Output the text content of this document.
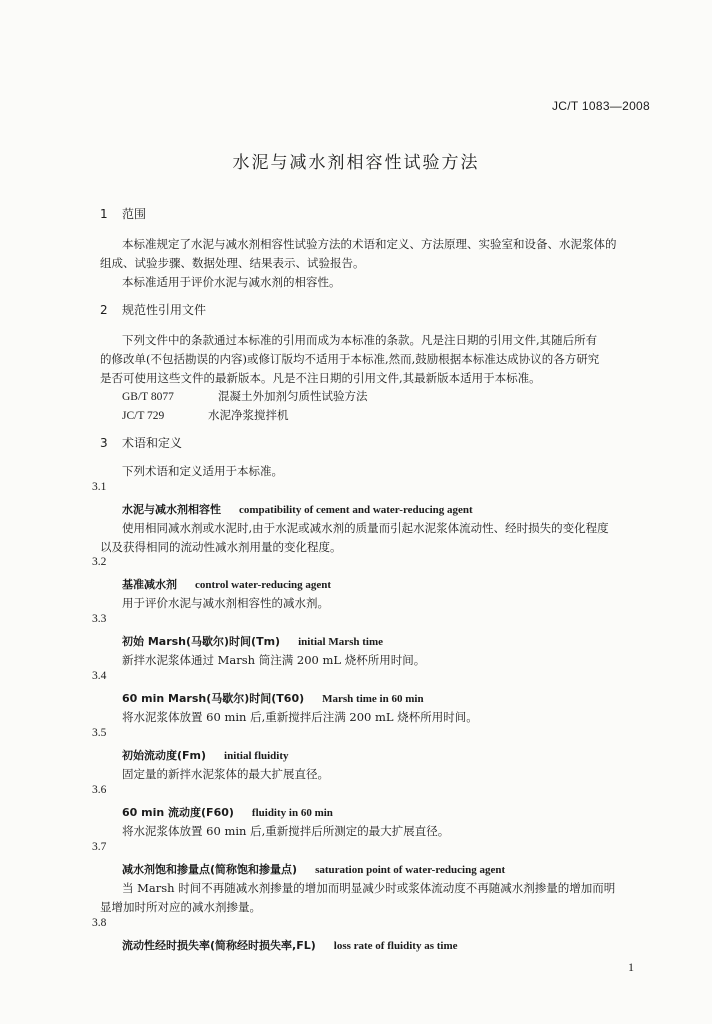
JC/T 1083—2008
水泥与减水剂相容性试验方法
1 范围
本标准规定了水泥与减水剂相容性试验方法的术语和定义、方法原理、实验室和设备、水泥浆体的
组成、试验步骤、数据处理、结果表示、试验报告。
本标准适用于评价水泥与减水剂的相容性。
2 规范性引用文件
下列文件中的条款通过本标准的引用而成为本标准的条款。凡是注日期的引用文件,其随后所有
的修改单(不包括勘误的内容)或修订版均不适用于本标准,然而,鼓励根据本标准达成协议的各方研究
是否可使用这些文件的最新版本。凡是不注日期的引用文件,其最新版本适用于本标准。
GB/T 8077	混凝土外加剂匀质性试验方法
JC/T 729	水泥净浆搅拌机
3 术语和定义
下列术语和定义适用于本标准。
3.1
水泥与减水剂相容性 compatibility of cement and water-reducing agent
使用相同减水剂或水泥时,由于水泥或减水剂的质量而引起水泥浆体流动性、经时损失的变化程度
以及获得相同的流动性减水剂用量的变化程度。
3.2
基准减水剂 control water-reducing agent
用于评价水泥与减水剂相容性的减水剂。
3.3
初始 Marsh(马歇尔)时间(Tm) initial Marsh time
新拌水泥浆体通过 Marsh 筒注满 200 mL 烧杯所用时间。
3.4
60 min Marsh(马歇尔)时间(T60) Marsh time in 60 min
将水泥浆体放置 60 min 后,重新搅拌后注满 200 mL 烧杯所用时间。
3.5
初始流动度(Fm) initial fluidity
固定量的新拌水泥浆体的最大扩展直径。
3.6
60 min 流动度(F60) fluidity in 60 min
将水泥浆体放置 60 min 后,重新搅拌后所测定的最大扩展直径。
3.7
减水剂饱和掺量点(简称饱和掺量点) saturation point of water-reducing agent
当 Marsh 时间不再随减水剂掺量的增加而明显减少时或浆体流动度不再随减水剂掺量的增加而明
显增加时所对应的减水剂掺量。
3.8
流动性经时损失率(简称经时损失率,FL) loss rate of fluidity as time
1
